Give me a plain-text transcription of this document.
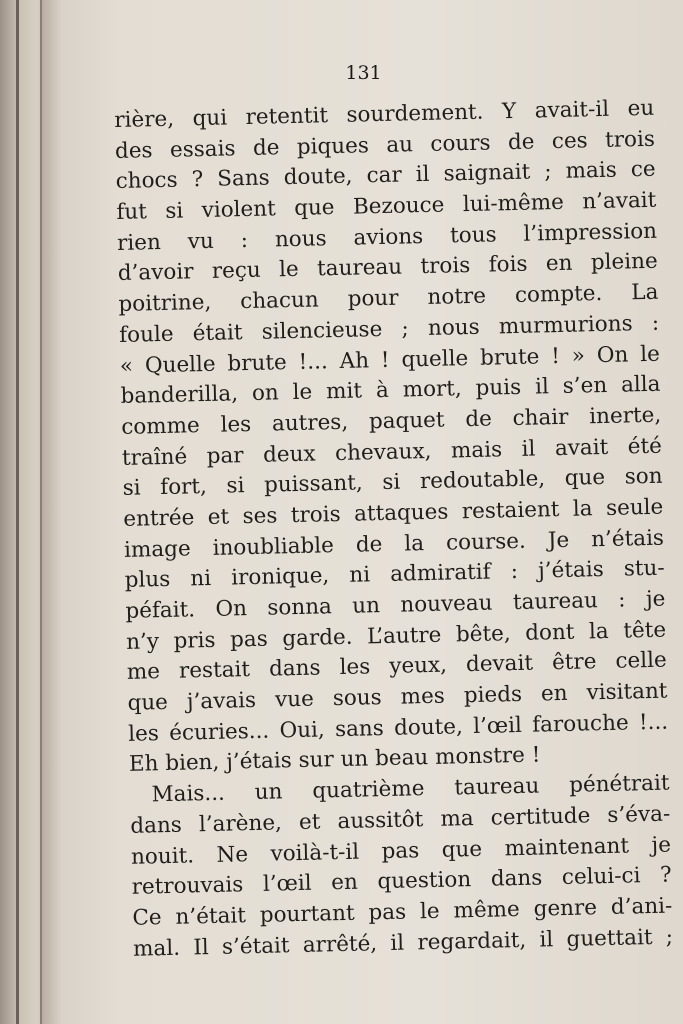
131
rière, qui retentit sourdement. Y avait-il eu
des essais de piques au cours de ces trois
chocs ? Sans doute, car il saignait ; mais ce
fut si violent que Bezouce lui-même n’avait
rien vu : nous avions tous l’impression
d’avoir reçu le taureau trois fois en pleine
poitrine, chacun pour notre compte. La
foule était silencieuse ; nous murmurions :
« Quelle brute !... Ah ! quelle brute ! » On le
banderilla, on le mit à mort, puis il s’en alla
comme les autres, paquet de chair inerte,
traîné par deux chevaux, mais il avait été
si fort, si puissant, si redoutable, que son
entrée et ses trois attaques restaient la seule
image inoubliable de la course. Je n’étais
plus ni ironique, ni admiratif : j’étais stu-
péfait. On sonna un nouveau taureau : je
n’y pris pas garde. L’autre bête, dont la tête
me restait dans les yeux, devait être celle
que j’avais vue sous mes pieds en visitant
les écuries... Oui, sans doute, l’œil farouche !...
Eh bien, j’étais sur un beau monstre !
Mais... un quatrième taureau pénétrait
dans l’arène, et aussitôt ma certitude s’éva-
nouit. Ne voilà-t-il pas que maintenant je
retrouvais l’œil en question dans celui-ci ?
Ce n’était pourtant pas le même genre d’ani-
mal. Il s’était arrêté, il regardait, il guettait ;
